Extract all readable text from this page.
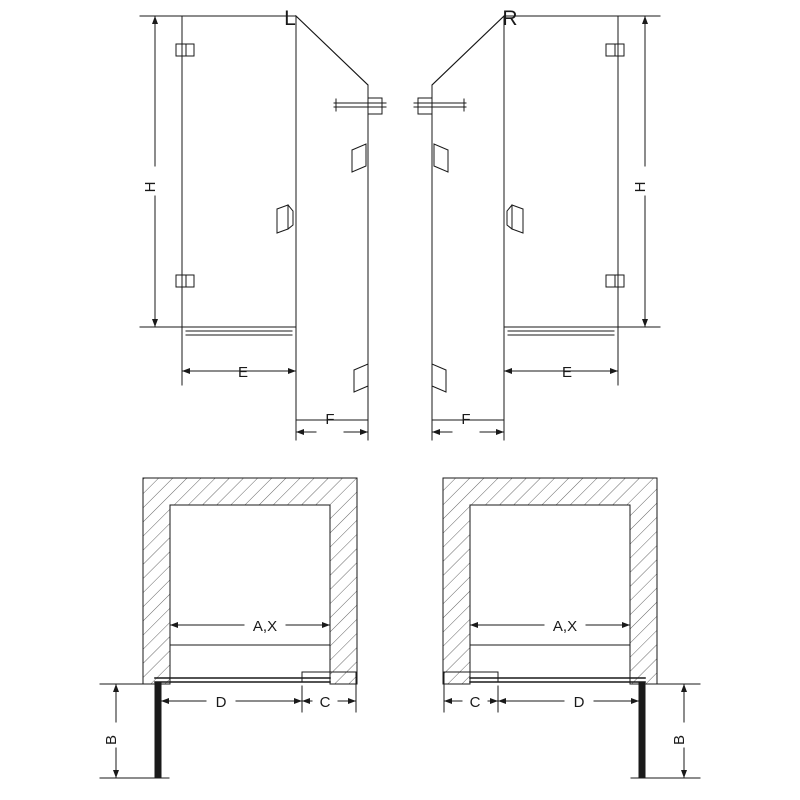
L	R
H	H
E
F
E
F
A,X	A,X
D	C	D
C
B	B
